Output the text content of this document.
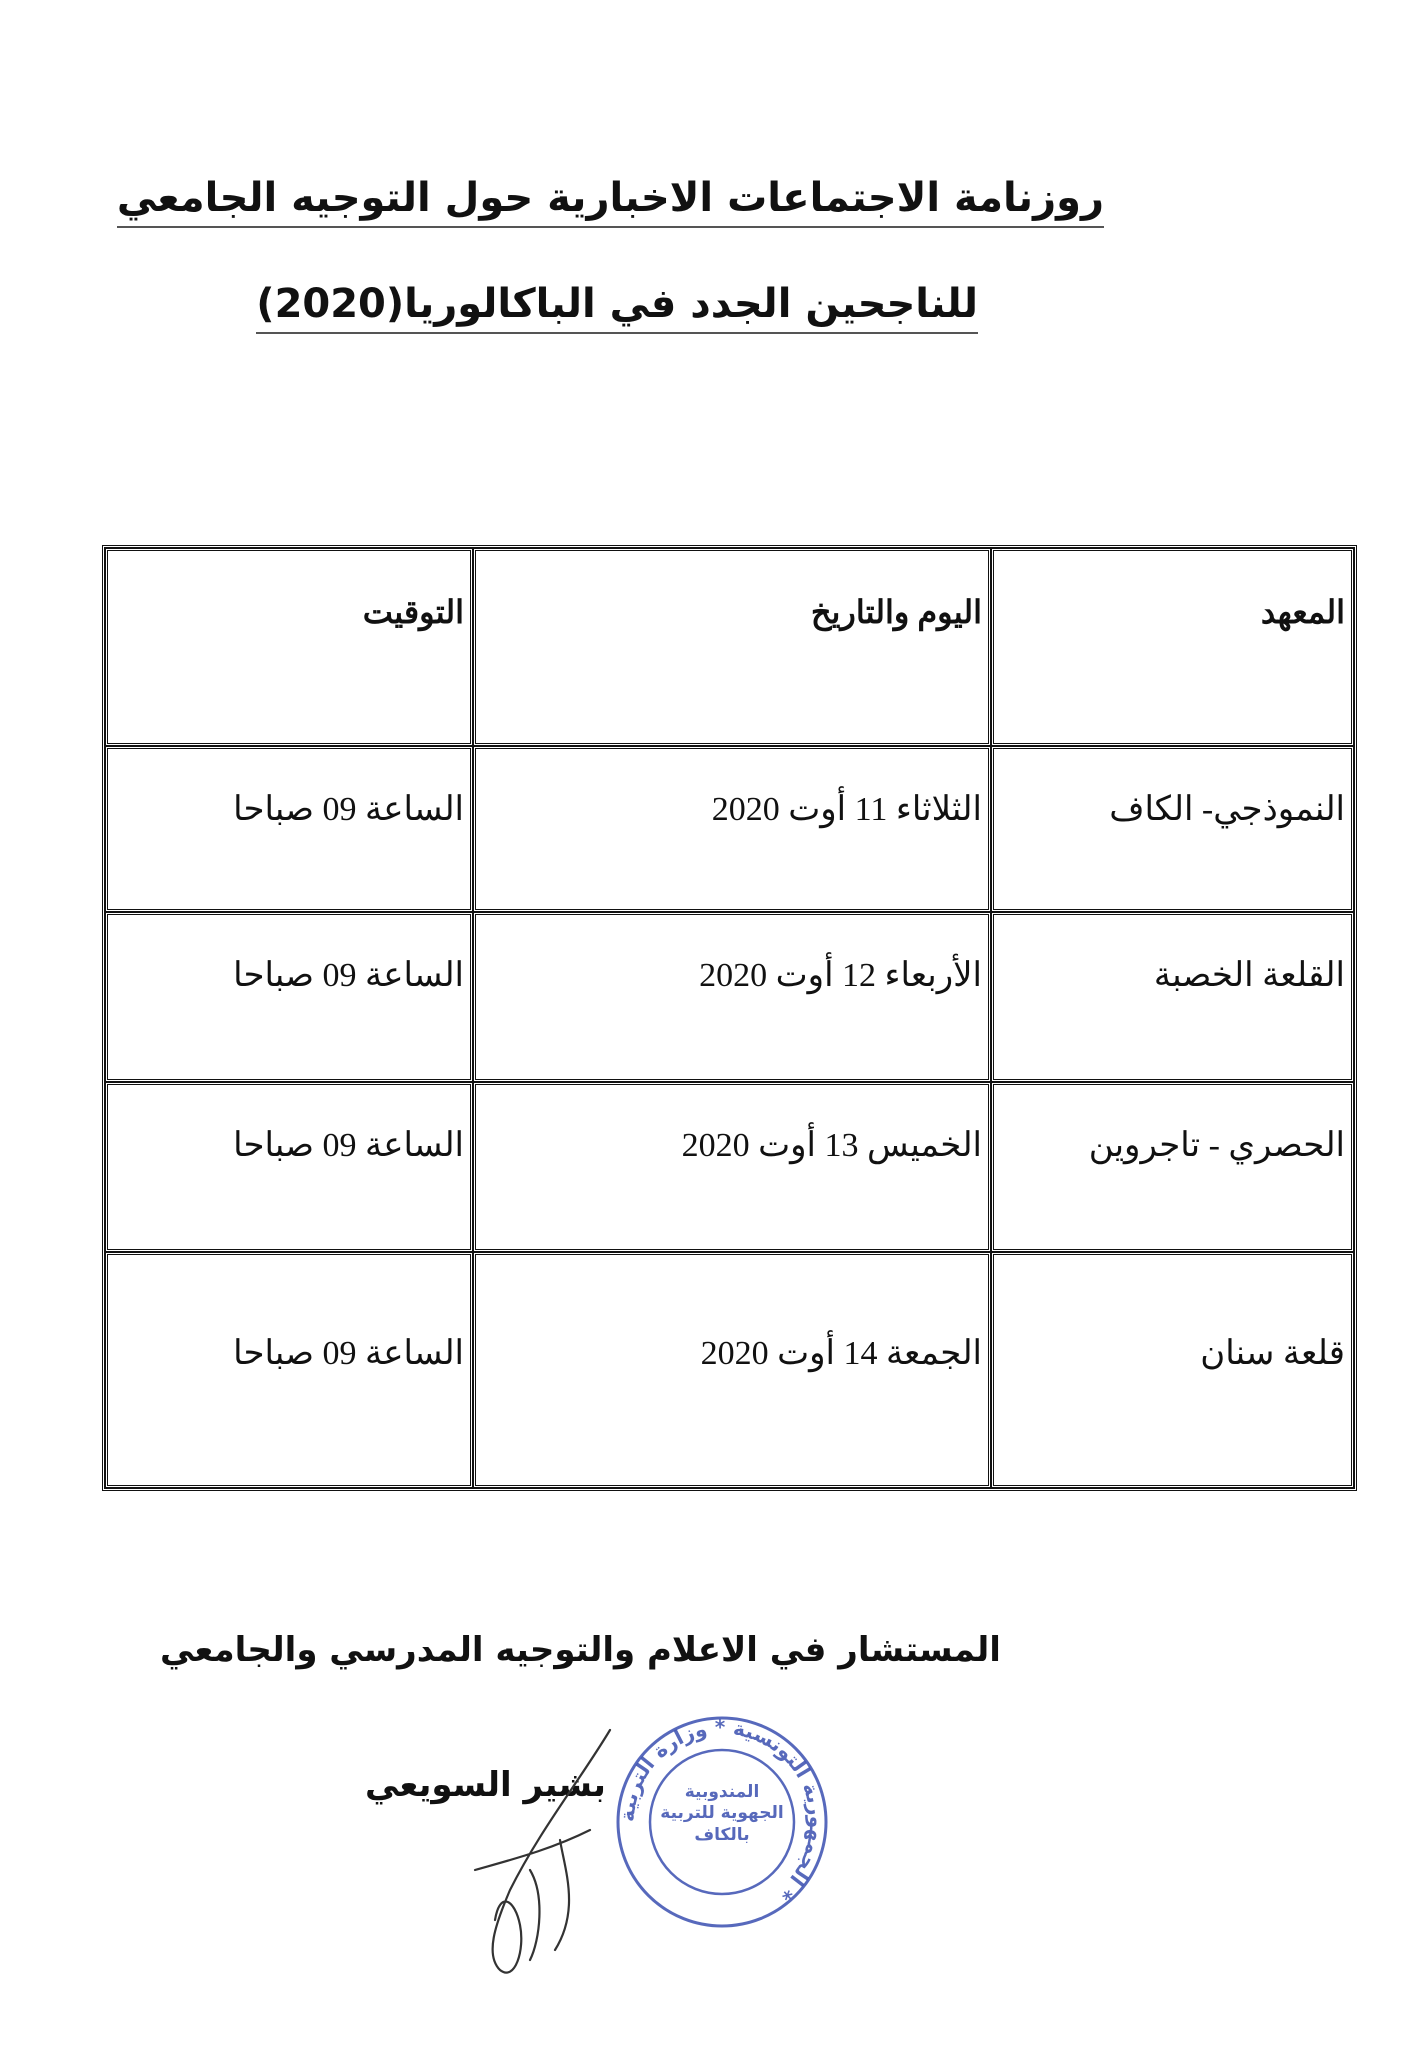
روزنامة الاجتماعات الاخبارية حول التوجيه الجامعي
للناجحين الجدد في الباكالوريا(2020)
المعهد	اليوم والتاريخ	التوقيت
النموذجي- الكاف	الثلاثاء 11 أوت 2020	الساعة 09 صباحا
القلعة الخصبة	الأربعاء 12 أوت 2020	الساعة 09 صباحا
الحصري - تاجروين	الخميس 13 أوت 2020	الساعة 09 صباحا
قلعة سنان	الجمعة 14 أوت 2020	الساعة 09 صباحا
المستشار في الاعلام والتوجيه المدرسي والجامعي
بشير السويعي
الجمهورية التونسية * وزارة التربية *
المندوبية الجهوية للتربية بالكاف
